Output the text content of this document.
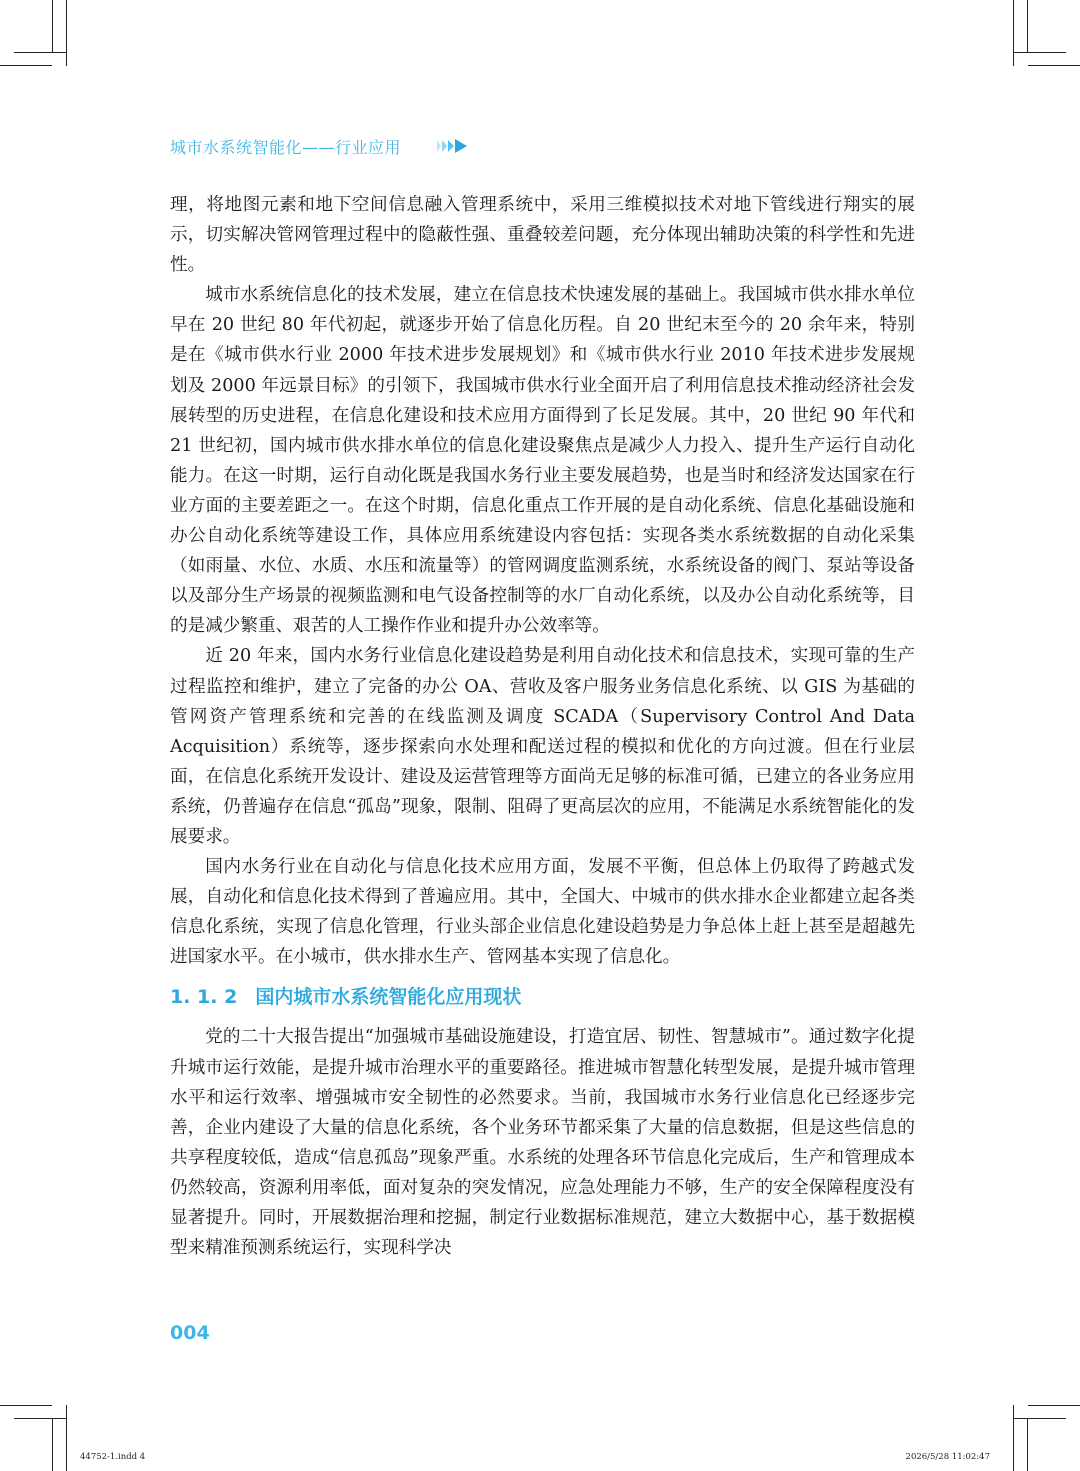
城市水系统智能化——行业应用

理，将地图元素和地下空间信息融入管理系统中，采用三维模拟技术对地下管线进行翔实的展示，切实解决管网管理过程中的隐蔽性强、重叠较差问题，充分体现出辅助决策的科学性和先进性。

城市水系统信息化的技术发展，建立在信息技术快速发展的基础上。我国城市供水排水单位早在 20 世纪 80 年代初起，就逐步开始了信息化历程。自 20 世纪末至今的 20 余年来，特别是在《城市供水行业 2000 年技术进步发展规划》和《城市供水行业 2010 年技术进步发展规划及 2000 年远景目标》的引领下，我国城市供水行业全面开启了利用信息技术推动经济社会发展转型的历史进程，在信息化建设和技术应用方面得到了长足发展。其中，20 世纪 90 年代和 21 世纪初，国内城市供水排水单位的信息化建设聚焦点是减少人力投入、提升生产运行自动化能力。在这一时期，运行自动化既是我国水务行业主要发展趋势，也是当时和经济发达国家在行业方面的主要差距之一。在这个时期，信息化重点工作开展的是自动化系统、信息化基础设施和办公自动化系统等建设工作，具体应用系统建设内容包括：实现各类水系统数据的自动化采集（如雨量、水位、水质、水压和流量等）的管网调度监测系统，水系统设备的阀门、泵站等设备以及部分生产场景的视频监测和电气设备控制等的水厂自动化系统，以及办公自动化系统等，目的是减少繁重、艰苦的人工操作作业和提升办公效率等。

近 20 年来，国内水务行业信息化建设趋势是利用自动化技术和信息技术，实现可靠的生产过程监控和维护，建立了完备的办公 OA、营收及客户服务业务信息化系统、以 GIS 为基础的管网资产管理系统和完善的在线监测及调度 SCADA（Supervisory Control And Data Acquisition）系统等，逐步探索向水处理和配送过程的模拟和优化的方向过渡。但在行业层面，在信息化系统开发设计、建设及运营管理等方面尚无足够的标准可循，已建立的各业务应用系统，仍普遍存在信息“孤岛”现象，限制、阻碍了更高层次的应用，不能满足水系统智能化的发展要求。

国内水务行业在自动化与信息化技术应用方面，发展不平衡，但总体上仍取得了跨越式发展，自动化和信息化技术得到了普遍应用。其中，全国大、中城市的供水排水企业都建立起各类信息化系统，实现了信息化管理，行业头部企业信息化建设趋势是力争总体上赶上甚至是超越先进国家水平。在小城市，供水排水生产、管网基本实现了信息化。

1. 1. 2 国内城市水系统智能化应用现状

党的二十大报告提出“加强城市基础设施建设，打造宜居、韧性、智慧城市”。通过数字化提升城市运行效能，是提升城市治理水平的重要路径。推进城市智慧化转型发展，是提升城市管理水平和运行效率、增强城市安全韧性的必然要求。当前，我国城市水务行业信息化已经逐步完善，企业内建设了大量的信息化系统，各个业务环节都采集了大量的信息数据，但是这些信息的共享程度较低，造成“信息孤岛”现象严重。水系统的处理各环节信息化完成后，生产和管理成本仍然较高，资源利用率低，面对复杂的突发情况，应急处理能力不够，生产的安全保障程度没有显著提升。同时，开展数据治理和挖掘，制定行业数据标准规范，建立大数据中心，基于数据模型来精准预测系统运行，实现科学决

004
44752-1.indd 4	2026/5/28 11:02:47
